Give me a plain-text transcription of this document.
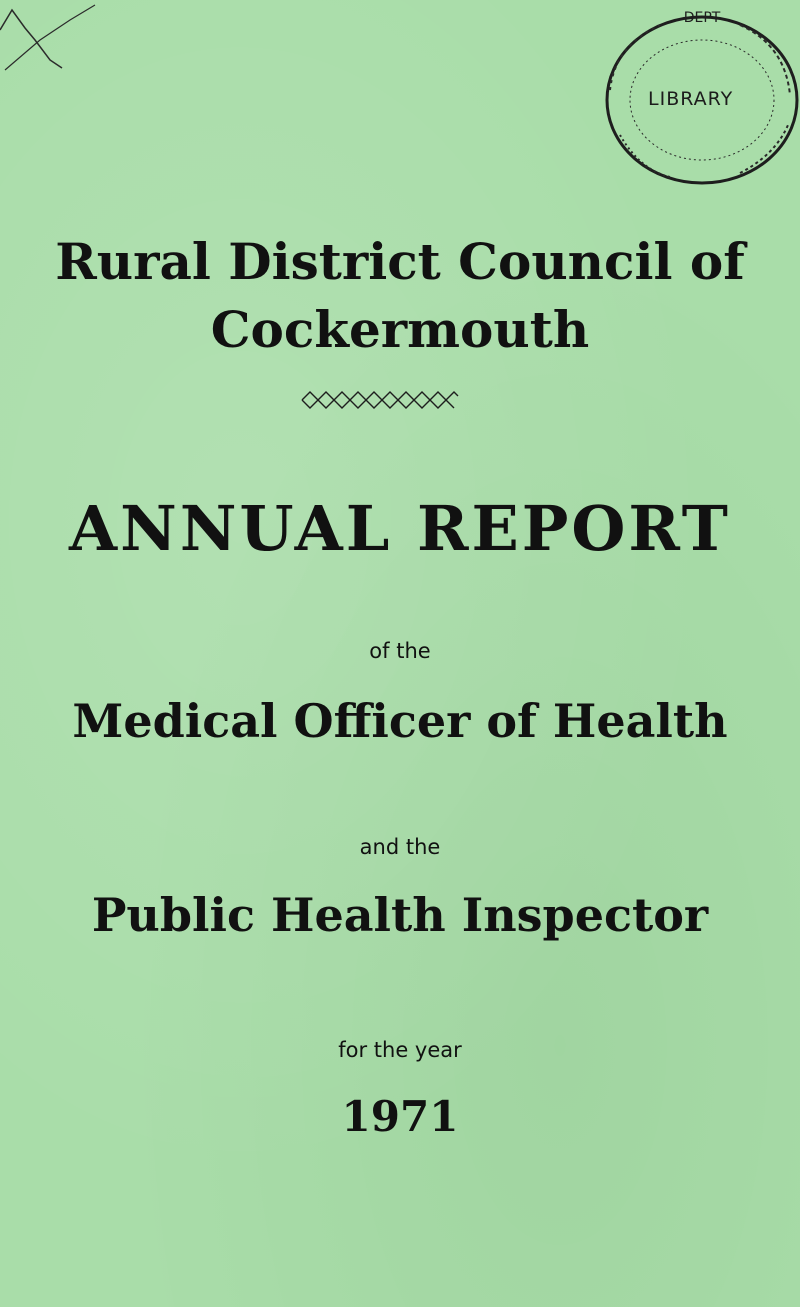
DEPT
LIBRARY
Rural District Council of
Cockermouth
ANNUAL REPORT
of the
Medical Officer of Health
and the
Public Health Inspector
for the year
1971
